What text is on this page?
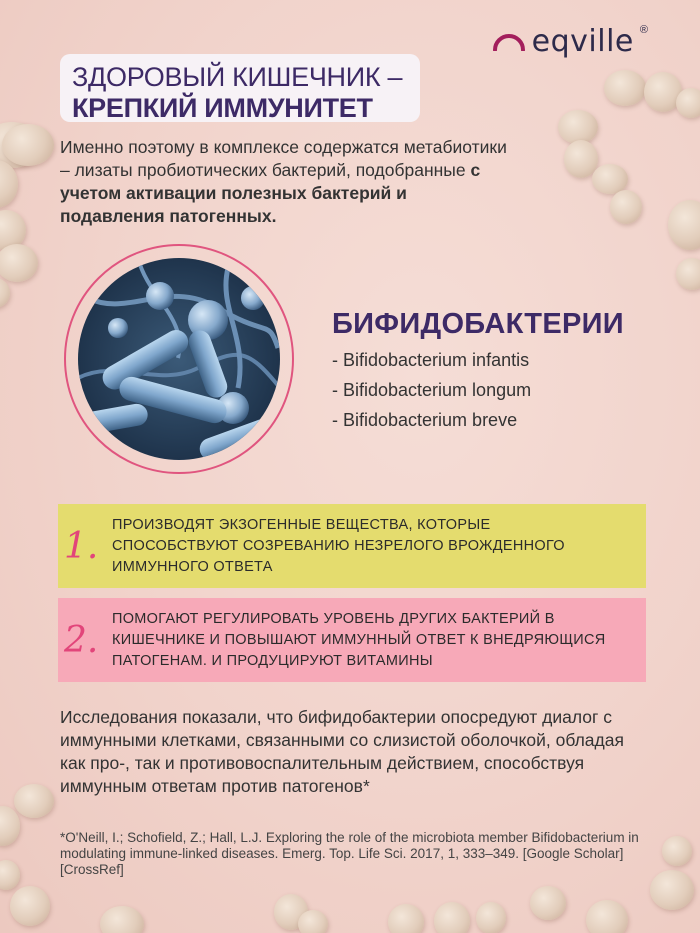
eqville ®
ЗДОРОВЫЙ КИШЕЧНИК –
КРЕПКИЙ ИММУНИТЕТ
Именно поэтому в комплексе содержатся метабиотики – лизаты пробиотических бактерий, подобранные с учетом активации полезных бактерий и подавления патогенных.
БИФИДОБАКТЕРИИ
- Bifidobacterium infantis
- Bifidobacterium longum
- Bifidobacterium breve
1.
ПРОИЗВОДЯТ ЭКЗОГЕННЫЕ ВЕЩЕСТВА, КОТОРЫЕ
СПОСОБСТВУЮТ СОЗРЕВАНИЮ НЕЗРЕЛОГО ВРОЖДЕННОГО
ИММУННОГО ОТВЕТА
2.
ПОМОГАЮТ РЕГУЛИРОВАТЬ УРОВЕНЬ ДРУГИХ БАКТЕРИЙ В
КИШЕЧНИКЕ И ПОВЫШАЮТ ИММУННЫЙ ОТВЕТ К ВНЕДРЯЮЩИСЯ
ПАТОГЕНАМ. И ПРОДУЦИРУЮТ ВИТАМИНЫ
Исследования показали, что бифидобактерии опосредуют диалог с иммунными клетками, связанными со слизистой оболочкой, обладая как про-, так и противовоспалительным действием, способствуя иммунным ответам против патогенов*
*O'Neill, I.; Schofield, Z.; Hall, L.J. Exploring the role of the microbiota member Bifidobacterium in modulating immune-linked diseases. Emerg. Top. Life Sci. 2017, 1, 333–349. [Google Scholar] [CrossRef]
